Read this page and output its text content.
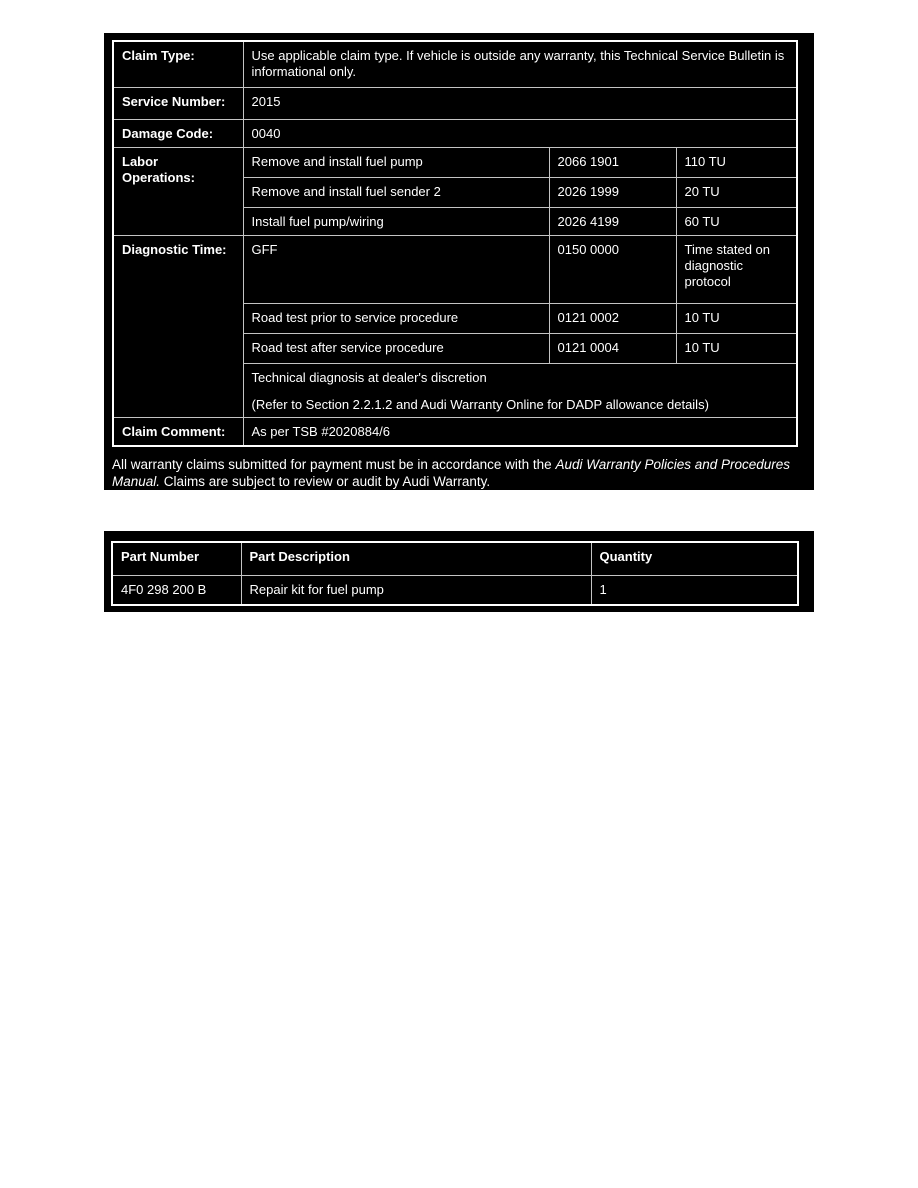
Claim Type:	Use applicable claim type. If vehicle is outside any warranty, this Technical Service Bulletin is informational only.		
Service Number:	2015		
Damage Code:	0040		
Labor Operations:	Remove and install fuel pump	2066 1901	110 TU
	Remove and install fuel sender 2	2026 1999	20 TU
	Install fuel pump/wiring	2026 4199	60 TU
Diagnostic Time:	GFF	0150 0000	Time stated on diagnostic protocol
	Road test prior to service procedure	0121 0002	10 TU
	Road test after service procedure	0121 0004	10 TU

	Technical diagnosis at dealer's discretion

(Refer to Section 2.2.1.2 and Audi Warranty Online for DADP allowance details)		

Claim Comment:	As per TSB #2020884/6		

All warranty claims submitted for payment must be in accordance with the Audi Warranty Policies and Procedures Manual. Claims are subject to review or audit by Audi Warranty.

Part Number	Part Description	Quantity
4F0 298 200 B	Repair kit for fuel pump	1
